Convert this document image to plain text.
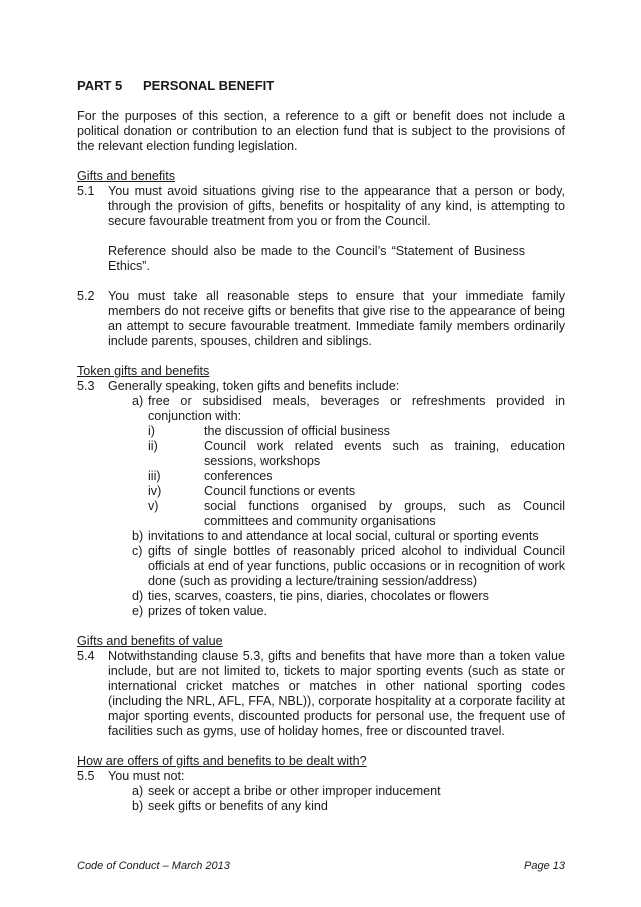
PART 5	PERSONAL BENEFIT

For the purposes of this section, a reference to a gift or benefit does not include a political donation or contribution to an election fund that is subject to the provisions of the relevant election funding legislation.

Gifts and benefits
5.1	You must avoid situations giving rise to the appearance that a person or body, through the provision of gifts, benefits or hospitality of any kind, is attempting to secure favourable treatment from you or from the Council.

Reference should also be made to the Council’s “Statement of Business Ethics”.

5.2	You must take all reasonable steps to ensure that your immediate family members do not receive gifts or benefits that give rise to the appearance of being an attempt to secure favourable treatment. Immediate family members ordinarily include parents, spouses, children and siblings.
Token gifts and benefits
5.3	Generally speaking, token gifts and benefits include:
a) free or subsidised meals, beverages or refreshments provided in conjunction with:
i)	the discussion of official business
ii)	Council work related events such as training, education sessions, workshops
iii)	conferences
iv)	Council functions or events
v)	social functions organised by groups, such as Council committees and community organisations
b) invitations to and attendance at local social, cultural or sporting events
c) gifts of single bottles of reasonably priced alcohol to individual Council officials at end of year functions, public occasions or in recognition of work done (such as providing a lecture/training session/address)
d) ties, scarves, coasters, tie pins, diaries, chocolates or flowers
e) prizes of token value.
Gifts and benefits of value
5.4	Notwithstanding clause 5.3, gifts and benefits that have more than a token value include, but are not limited to, tickets to major sporting events (such as state or international cricket matches or matches in other national sporting codes (including the NRL, AFL, FFA, NBL)), corporate hospitality at a corporate facility at major sporting events, discounted products for personal use, the frequent use of facilities such as gyms, use of holiday homes, free or discounted travel.
How are offers of gifts and benefits to be dealt with?
5.5	You must not:
a) seek or accept a bribe or other improper inducement
b) seek gifts or benefits of any kind
Code of Conduct – March 2013	Page 13
